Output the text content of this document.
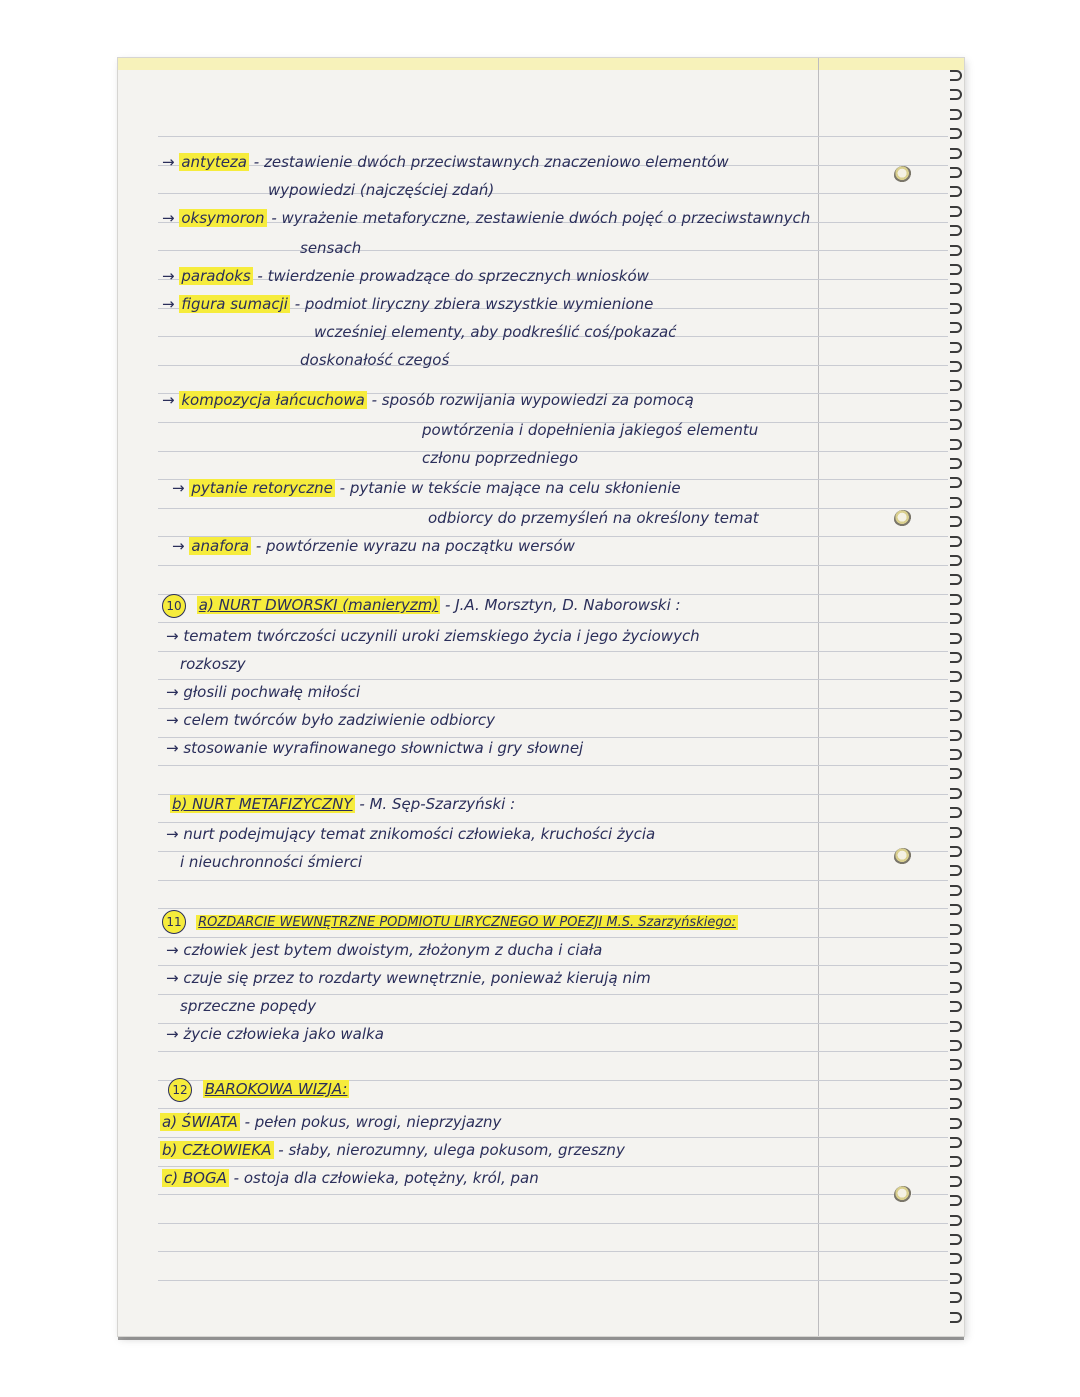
→ antyteza - zestawienie dwóch przeciwstawnych znaczeniowo elementów
wypowiedzi (najczęściej zdań)
→ oksymoron - wyrażenie metaforyczne, zestawienie dwóch pojęć o przeciwstawnych
sensach
→ paradoks - twierdzenie prowadzące do sprzecznych wniosków
→ figura sumacji - podmiot liryczny zbiera wszystkie wymienione
wcześniej elementy, aby podkreślić coś/pokazać
doskonałość czegoś
→ kompozycja łańcuchowa - sposób rozwijania wypowiedzi za pomocą
powtórzenia i dopełnienia jakiegoś elementu
członu poprzedniego
→ pytanie retoryczne - pytanie w tekście mające na celu skłonienie
odbiorcy do przemyśleń na określony temat
→ anafora - powtórzenie wyrazu na początku wersów
10 a) NURT DWORSKI (manieryzm) - J.A. Morsztyn, D. Naborowski :
→ tematem twórczości uczynili uroki ziemskiego życia i jego życiowych
rozkoszy
→ głosili pochwałę miłości
→ celem twórców było zadziwienie odbiorcy
→ stosowanie wyrafinowanego słownictwa i gry słownej
b) NURT METAFIZYCZNY - M. Sęp-Szarzyński :
→ nurt podejmujący temat znikomości człowieka, kruchości życia
i nieuchronności śmierci
11 ROZDARCIE WEWNĘTRZNE PODMIOTU LIRYCZNEGO W POEZJI M.S. Szarzyńskiego:
→ człowiek jest bytem dwoistym, złożonym z ducha i ciała
→ czuje się przez to rozdarty wewnętrznie, ponieważ kierują nim
sprzeczne popędy
→ życie człowieka jako walka
12 BAROKOWA WIZJA:
a) ŚWIATA - pełen pokus, wrogi, nieprzyjazny
b) CZŁOWIEKA - słaby, nierozumny, ulega pokusom, grzeszny
c) BOGA - ostoja dla człowieka, potężny, król, pan
